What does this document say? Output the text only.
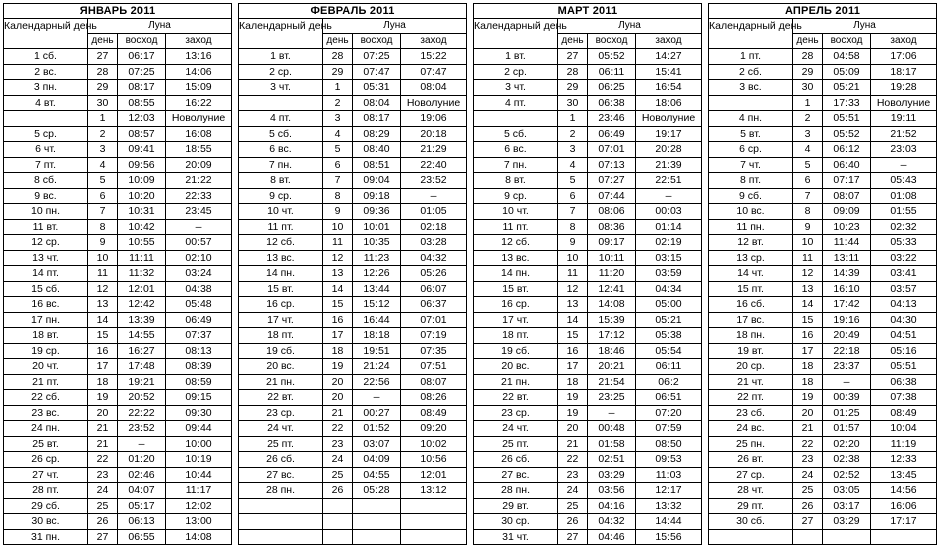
ЯНВАРЬ 2011			
Календарный день	Луна		
	день	восход	заход
1 сб.	27	06:17	13:16
2 вс.	28	07:25	14:06
3 пн.	29	08:17	15:09
4 вт.	30	08:55	16:22
	1	12:03	Новолуние
5 ср.	2	08:57	16:08
6 чт.	3	09:41	18:55
7 пт.	4	09:56	20:09
8 сб.	5	10:09	21:22
9 вс.	6	10:20	22:33
10 пн.	7	10:31	23:45
11 вт.	8	10:42	–
12 ср.	9	10:55	00:57
13 чт.	10	11:11	02:10
14 пт.	11	11:32	03:24
15 сб.	12	12:01	04:38
16 вс.	13	12:42	05:48
17 пн.	14	13:39	06:49
18 вт.	15	14:55	07:37
19 ср.	16	16:27	08:13
20 чт.	17	17:48	08:39
21 пт.	18	19:21	08:59
22 сб.	19	20:52	09:15
23 вс.	20	22:22	09:30
24 пн.	21	23:52	09:44
25 вт.	21	–	10:00
26 ср.	22	01:20	10:19
27 чт.	23	02:46	10:44
28 пт.	24	04:07	11:17
29 сб.	25	05:17	12:02
30 вс.	26	06:13	13:00
31 пн.	27	06:55	14:08
ФЕВРАЛЬ 2011			
Календарный день	Луна		
	день	восход	заход
1 вт.	28	07:25	15:22
2 ср.	29	07:47	07:47
3 чт.	1	05:31	08:04
	2	08:04	Новолуние
4 пт.	3	08:17	19:06
5 сб.	4	08:29	20:18
6 вс.	5	08:40	21:29
7 пн.	6	08:51	22:40
8 вт.	7	09:04	23:52
9 ср.	8	09:18	–
10 чт.	9	09:36	01:05
11 пт.	10	10:01	02:18
12 сб.	11	10:35	03:28
13 вс.	12	11:23	04:32
14 пн.	13	12:26	05:26
15 вт.	14	13:44	06:07
16 ср.	15	15:12	06:37
17 чт.	16	16:44	07:01
18 пт.	17	18:18	07:19
19 сб.	18	19:51	07:35
20 вс.	19	21:24	07:51
21 пн.	20	22:56	08:07
22 вт.	20	–	08:26
23 ср.	21	00:27	08:49
24 чт.	22	01:52	09:20
25 пт.	23	03:07	10:02
26 сб.	24	04:09	10:56
27 вс.	25	04:55	12:01
28 пн.	26	05:28	13:12

МАРТ 2011			
Календарный день	Луна		
	день	восход	заход
1 вт.	27	05:52	14:27
2 ср.	28	06:11	15:41
3 чт.	29	06:25	16:54
4 пт.	30	06:38	18:06
	1	23:46	Новолуние
5 сб.	2	06:49	19:17
6 вс.	3	07:01	20:28
7 пн.	4	07:13	21:39
8 вт.	5	07:27	22:51
9 ср.	6	07:44	–
10 чт.	7	08:06	00:03
11 пт.	8	08:36	01:14
12 сб.	9	09:17	02:19
13 вс.	10	10:11	03:15
14 пн.	11	11:20	03:59
15 вт.	12	12:41	04:34
16 ср.	13	14:08	05:00
17 чт.	14	15:39	05:21
18 пт.	15	17:12	05:38
19 сб.	16	18:46	05:54
20 вс.	17	20:21	06:11
21 пн.	18	21:54	06:2
22 вт.	19	23:25	06:51
23 ср.	19	–	07:20
24 чт.	20	00:48	07:59
25 пт.	21	01:58	08:50
26 сб.	22	02:51	09:53
27 вс.	23	03:29	11:03
28 пн.	24	03:56	12:17
29 вт.	25	04:16	13:32
30 ср.	26	04:32	14:44
31 чт.	27	04:46	15:56
АПРЕЛЬ 2011			
Календарный день	Луна		
	день	восход	заход
1 пт.	28	04:58	17:06
2 сб.	29	05:09	18:17
3 вс.	30	05:21	19:28
	1	17:33	Новолуние
4 пн.	2	05:51	19:11
5 вт.	3	05:52	21:52
6 ср.	4	06:12	23:03
7 чт.	5	06:40	–
8 пт.	6	07:17	05:43
9 сб.	7	08:07	01:08
10 вс.	8	09:09	01:55
11 пн.	9	10:23	02:32
12 вт.	10	11:44	05:33
13 ср.	11	13:11	03:22
14 чт.	12	14:39	03:41
15 пт.	13	16:10	03:57
16 сб.	14	17:42	04:13
17 вс.	15	19:16	04:30
18 пн.	16	20:49	04:51
19 вт.	17	22:18	05:16
20 ср.	18	23:37	05:51
21 чт.	18	–	06:38
22 пт.	19	00:39	07:38
23 сб.	20	01:25	08:49
24 вс.	21	01:57	10:04
25 пн.	22	02:20	11:19
26 вт.	23	02:38	12:33
27 ср.	24	02:52	13:45
28 чт.	25	03:05	14:56
29 пт.	26	03:17	16:06
30 сб.	27	03:29	17:17
